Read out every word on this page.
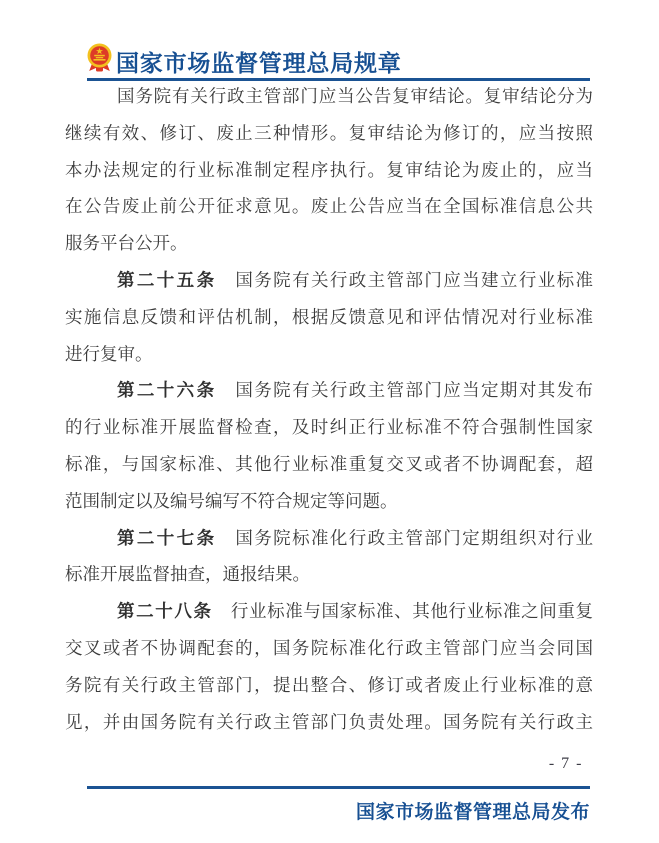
国家市场监督管理总局规章
国务院有关行政主管部门应当公告复审结论。复审结论分为
继续有效、修订、废止三种情形。复审结论为修订的，应当按照
本办法规定的行业标准制定程序执行。复审结论为废止的，应当
在公告废止前公开征求意见。废止公告应当在全国标准信息公共
服务平台公开。
第二十五条　国务院有关行政主管部门应当建立行业标准
实施信息反馈和评估机制，根据反馈意见和评估情况对行业标准
进行复审。
第二十六条　国务院有关行政主管部门应当定期对其发布
的行业标准开展监督检查，及时纠正行业标准不符合强制性国家
标准，与国家标准、其他行业标准重复交叉或者不协调配套，超
范围制定以及编号编写不符合规定等问题。
第二十七条　国务院标准化行政主管部门定期组织对行业
标准开展监督抽查，通报结果。
第二十八条　行业标准与国家标准、其他行业标准之间重复
交叉或者不协调配套的，国务院标准化行政主管部门应当会同国
务院有关行政主管部门，提出整合、修订或者废止行业标准的意
见，并由国务院有关行政主管部门负责处理。国务院有关行政主
- 7 -
国家市场监督管理总局发布
